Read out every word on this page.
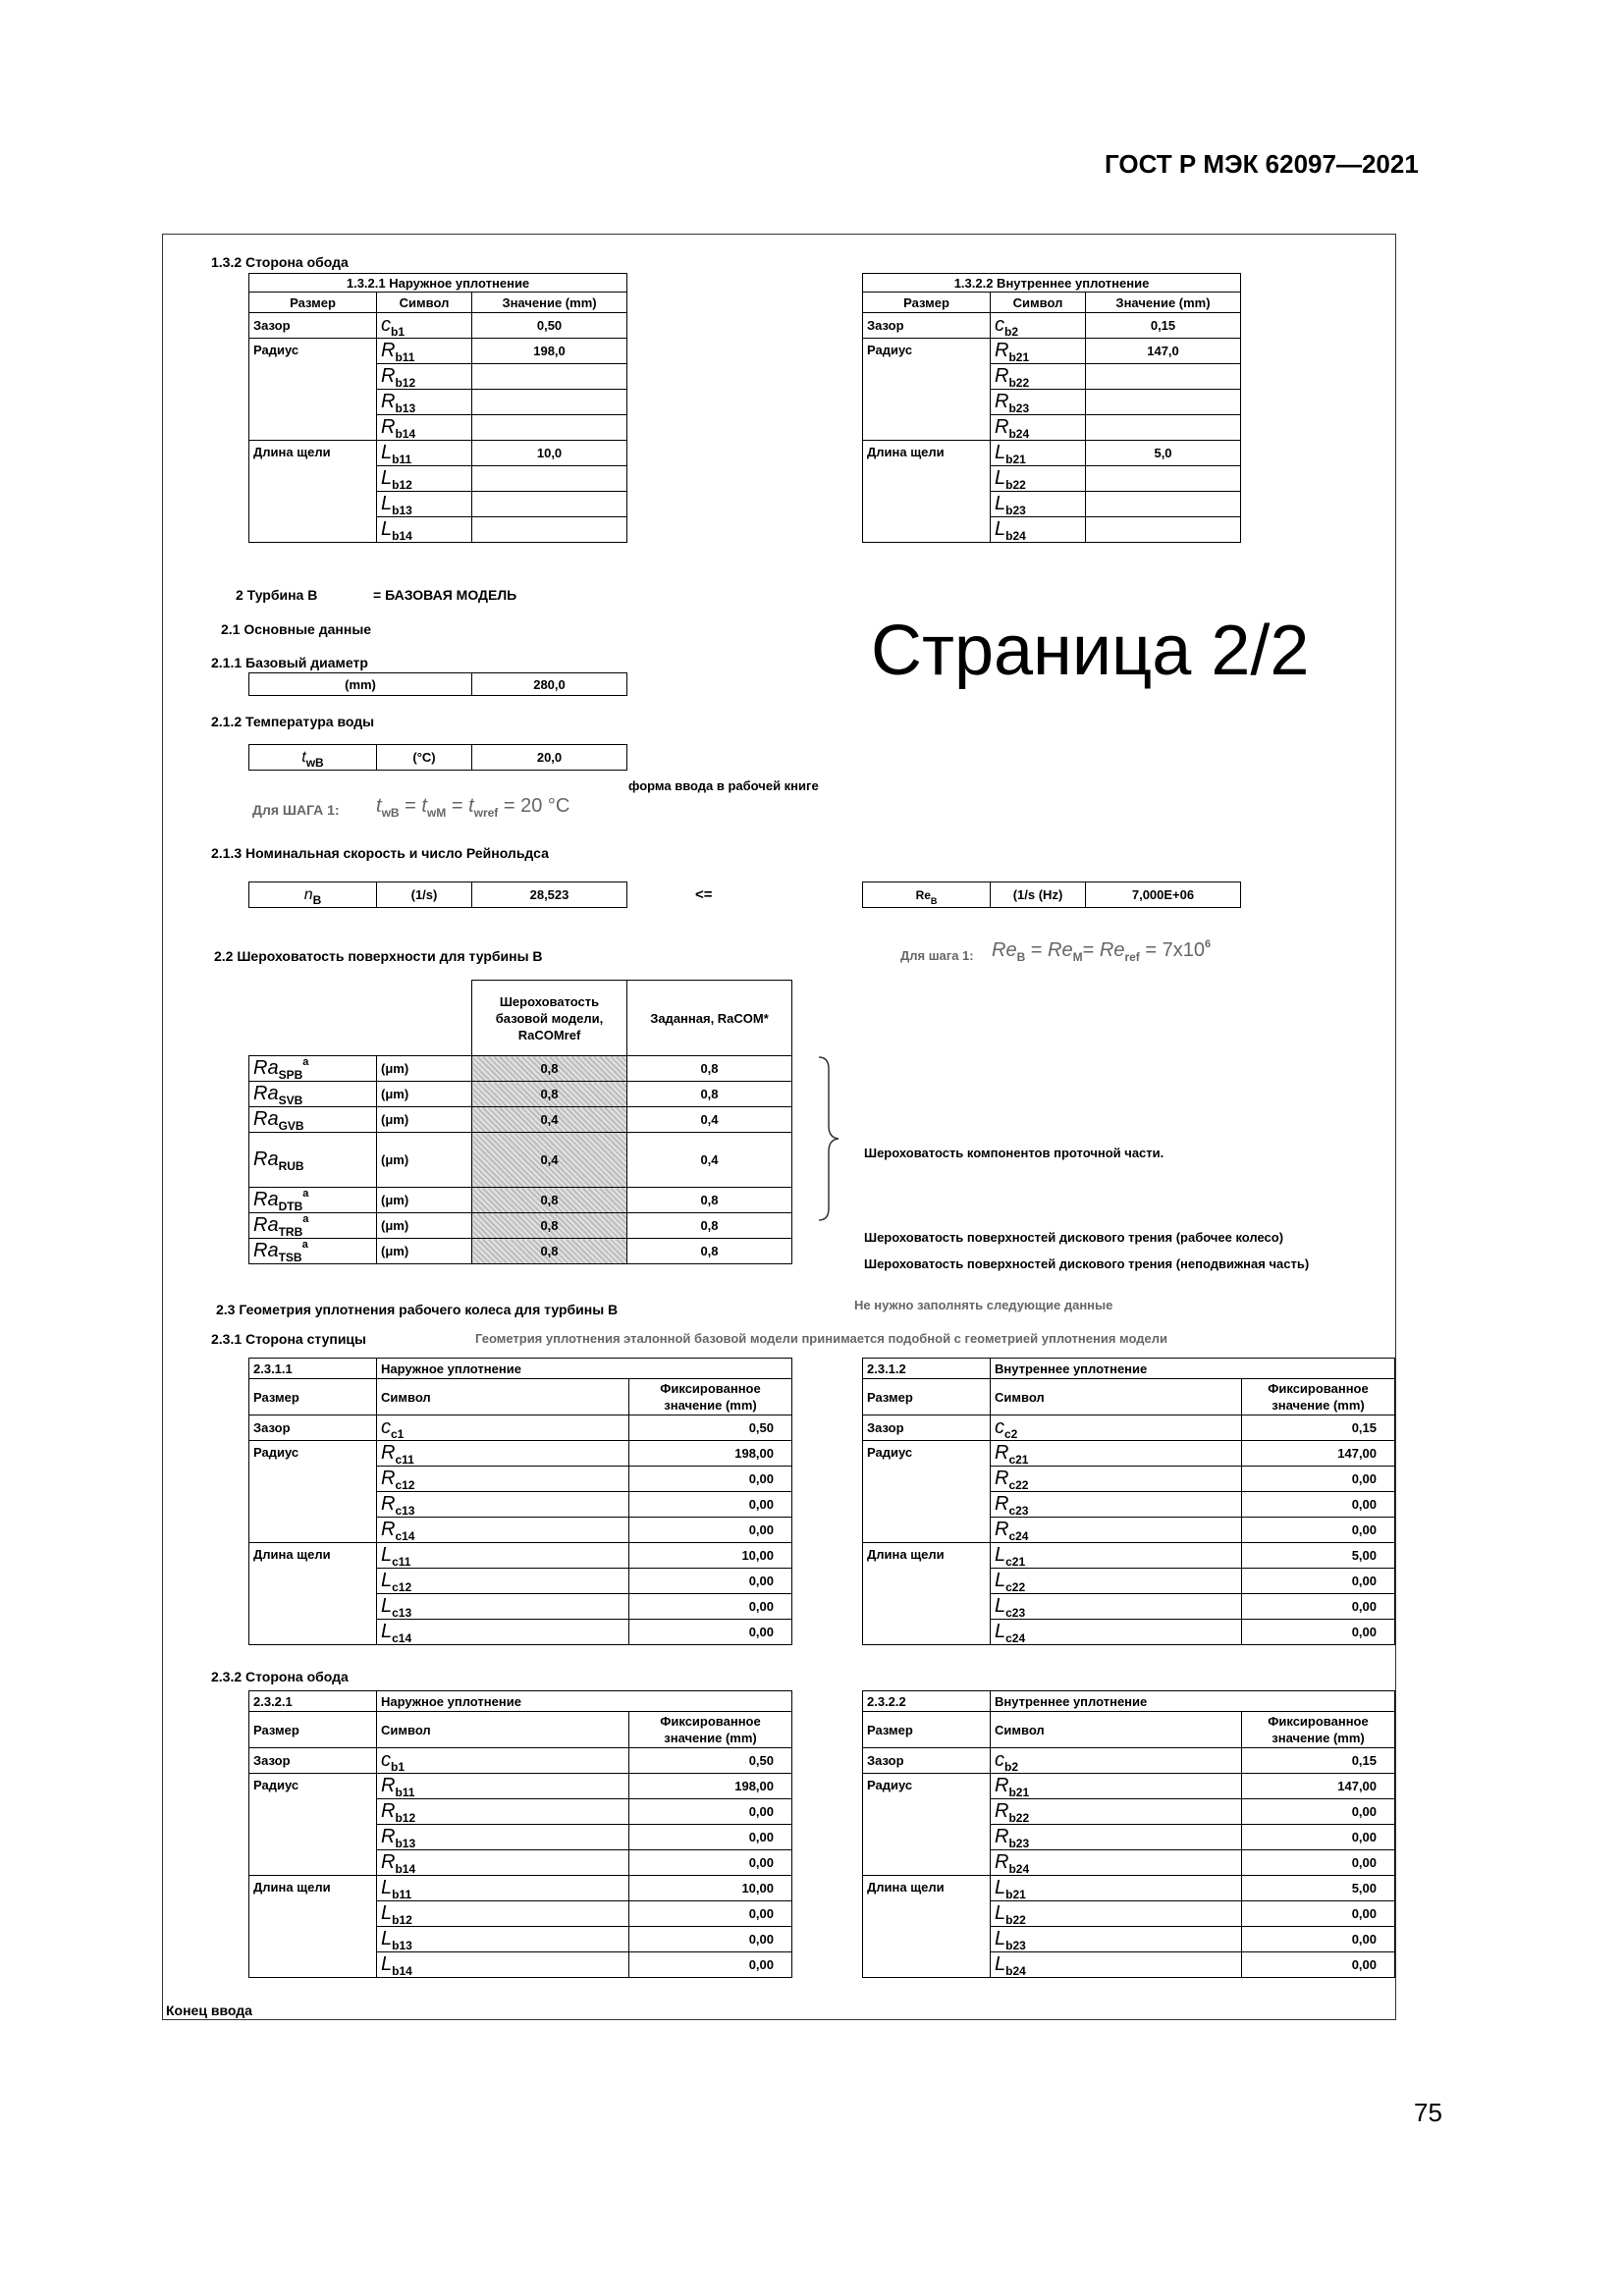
ГОСТ Р МЭК 62097—2021
75
1.3.2 Сторона обода
1.3.2.1 Наружное уплотнение		
Размер	Символ	Значение (mm)
Зазор	cb1	0,50
Радиус	Rb11	198,0
	Rb12	
	Rb13	
	Rb14	
Длина щели	Lb11	10,0
	Lb12	
	Lb13	
	Lb14	
1.3.2.2 Внутреннее уплотнение		
Размер	Символ	Значение (mm)
Зазор	cb2	0,15
Радиус	Rb21	147,0
	Rb22	
	Rb23	
	Rb24	
Длина щели	Lb21	5,0
	Lb22	
	Lb23	
	Lb24	
2 Турбина В	= БАЗОВАЯ МОДЕЛЬ
2.1 Основные данные	Страница 2/2
2.1.1 Базовый диаметр
(mm)	280,0
2.1.2 Температура воды
twB	(°C)	20,0
форма ввода в рабочей книге
Для ШАГА 1: $t_{wB} = t_{wM} = t_{wref} = 20$ °C
2.1.3 Номинальная скорость и число Рейнольдса
nB	(1/s)	28,523	<=	$Re_B$	(1/s (Hz)	7,000E+06
2.2 Шероховатость поверхности для турбины В	Для шага 1: $Re_B = Re_M= Re_{ref} = 7x10^6$
		Шероховатость базовой модели, RaCOMref	Заданная, RaCOM*
RaSPB$^a$	(μm)	0,8	0,8
RaSVB	(μm)	0,8	0,8
RaGVB	(μm)	0,4	0,4
RaRUB	(μm)	0,4	0,4
RaDTB$^a$	(μm)	0,8	0,8
RaTRB$^a$	(μm)	0,8	0,8
RaTSB$^a$	(μm)	0,8	0,8
Шероховатость компонентов проточной части.
Шероховатость поверхностей дискового трения (рабочее колесо)
Шероховатость поверхностей дискового трения (неподвижная часть)
2.3 Геометрия уплотнения рабочего колеса для турбины В	Не нужно заполнять следующие данные
2.3.1 Сторона ступицы	Геометрия уплотнения эталонной базовой модели принимается подобной с геометрией уплотнения модели
2.3.1.1	Наружное уплотнение	
Размер	Символ	Фиксированное значение (mm)
Зазор	cc1	0,50
Радиус	Rc11	198,00
	Rc12	0,00
	Rc13	0,00
	Rc14	0,00
Длина щели	Lc11	10,00
	Lc12	0,00
	Lc13	0,00
	Lc14	0,00
2.3.1.2	Внутреннее уплотнение	
Размер	Символ	Фиксированное значение (mm)
Зазор	cc2	0,15
Радиус	Rc21	147,00
	Rc22	0,00
	Rc23	0,00
	Rc24	0,00
Длина щели	Lc21	5,00
	Lc22	0,00
	Lc23	0,00
	Lc24	0,00
2.3.2 Сторона обода
2.3.2.1	Наружное уплотнение	
Размер	Символ	Фиксированное значение (mm)
Зазор	cb1	0,50
Радиус	Rb11	198,00
	Rb12	0,00
	Rb13	0,00
	Rb14	0,00
Длина щели	Lb11	10,00
	Lb12	0,00
	Lb13	0,00
	Lb14	0,00
2.3.2.2	Внутреннее уплотнение	
Размер	Символ	Фиксированное значение (mm)
Зазор	cb2	0,15
Радиус	Rb21	147,00
	Rb22	0,00
	Rb23	0,00
	Rb24	0,00
Длина щели	Lb21	5,00
	Lb22	0,00
	Lb23	0,00
	Lb24	0,00
Конец ввода
